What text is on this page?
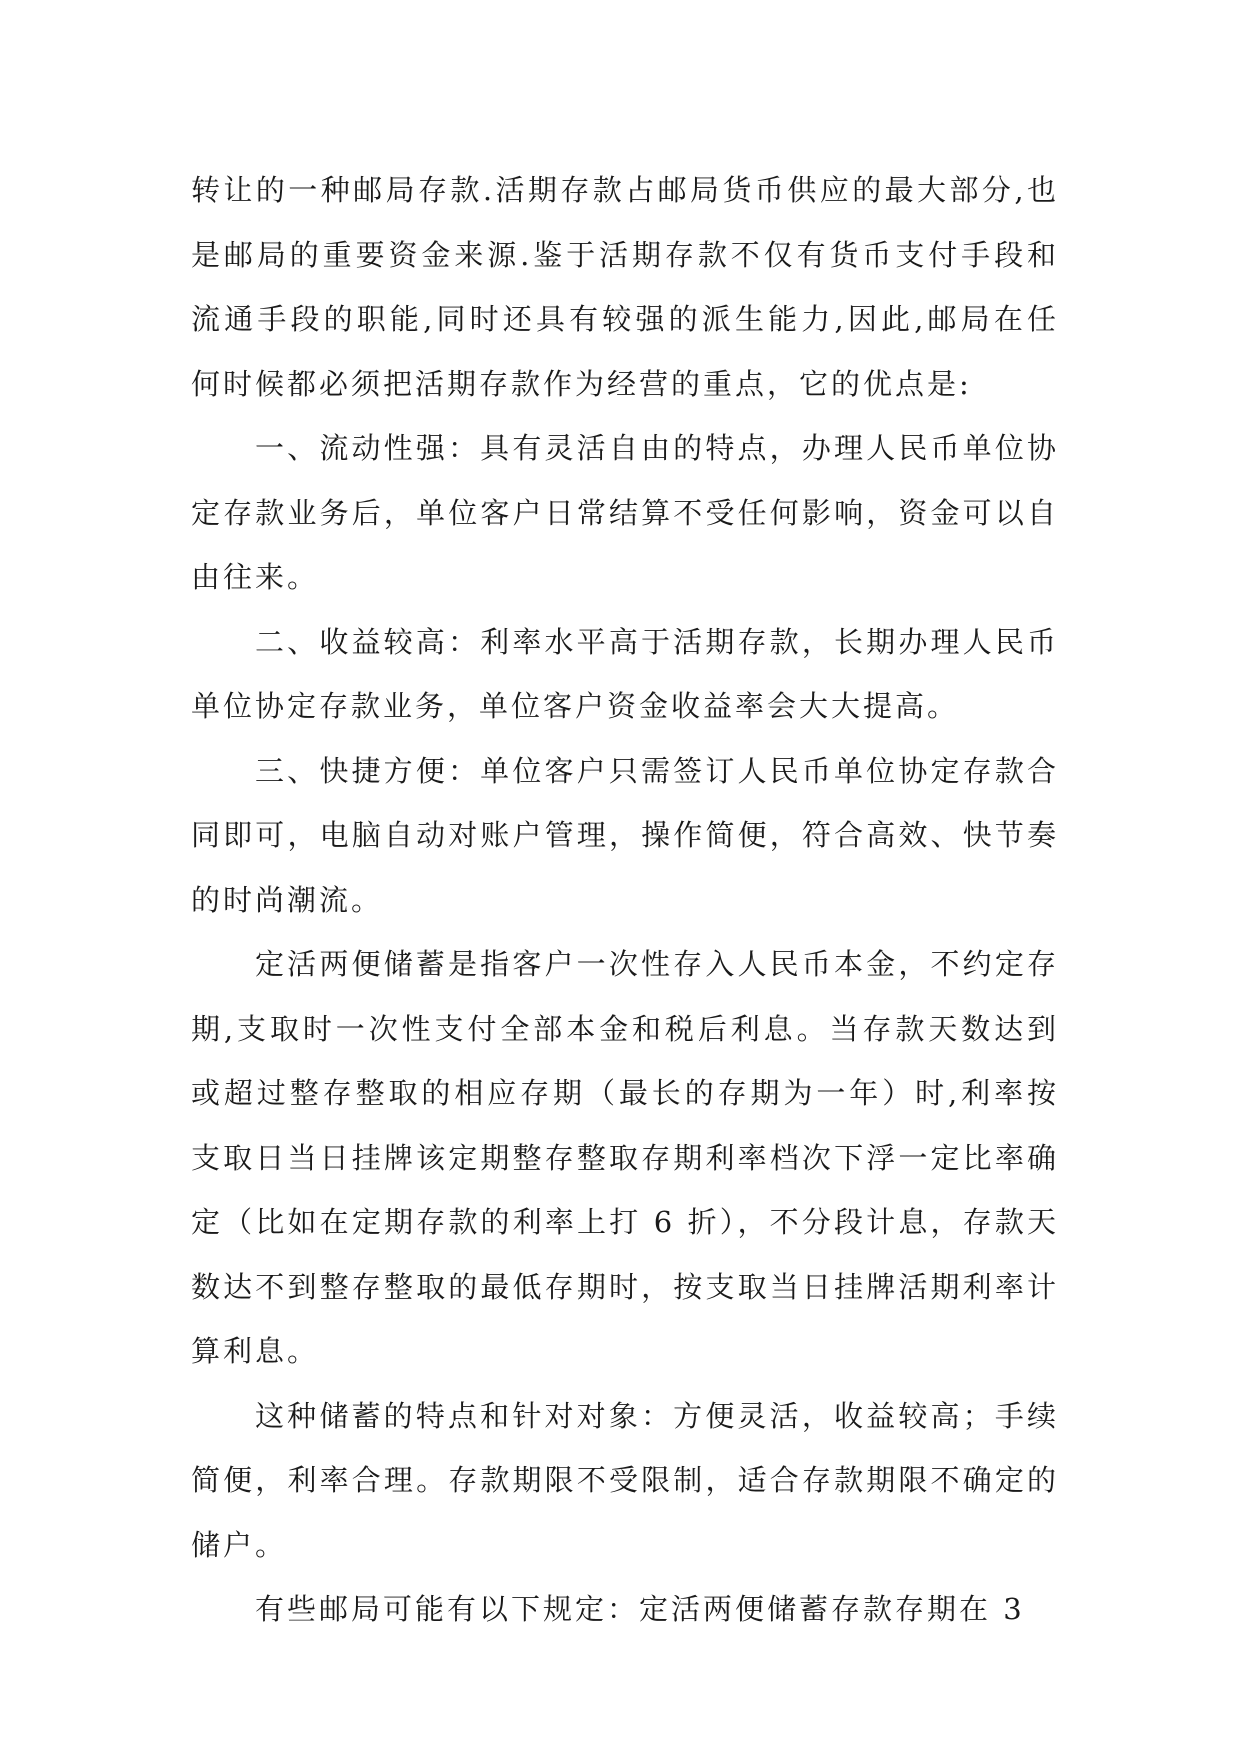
转让的一种邮局存款.活期存款占邮局货币供应的最大部分,也是邮局的重要资金来源.鉴于活期存款不仅有货币支付手段和流通手段的职能,同时还具有较强的派生能力,因此,邮局在任何时候都必须把活期存款作为经营的重点，它的优点是:

一、流动性强：具有灵活自由的特点，办理人民币单位协定存款业务后，单位客户日常结算不受任何影响，资金可以自由往来。

二、收益较高：利率水平高于活期存款，长期办理人民币单位协定存款业务，单位客户资金收益率会大大提高。

三、快捷方便：单位客户只需签订人民币单位协定存款合同即可，电脑自动对账户管理，操作简便，符合高效、快节奏的时尚潮流。

定活两便储蓄是指客户一次性存入人民币本金，不约定存期,支取时一次性支付全部本金和税后利息。当存款天数达到或超过整存整取的相应存期（最长的存期为一年）时,利率按支取日当日挂牌该定期整存整取存期利率档次下浮一定比率确定（比如在定期存款的利率上打 6 折），不分段计息，存款天数达不到整存整取的最低存期时，按支取当日挂牌活期利率计算利息。

这种储蓄的特点和针对对象：方便灵活，收益较高；手续简便，利率合理。存款期限不受限制，适合存款期限不确定的储户。

有些邮局可能有以下规定：定活两便储蓄存款存期在 3
